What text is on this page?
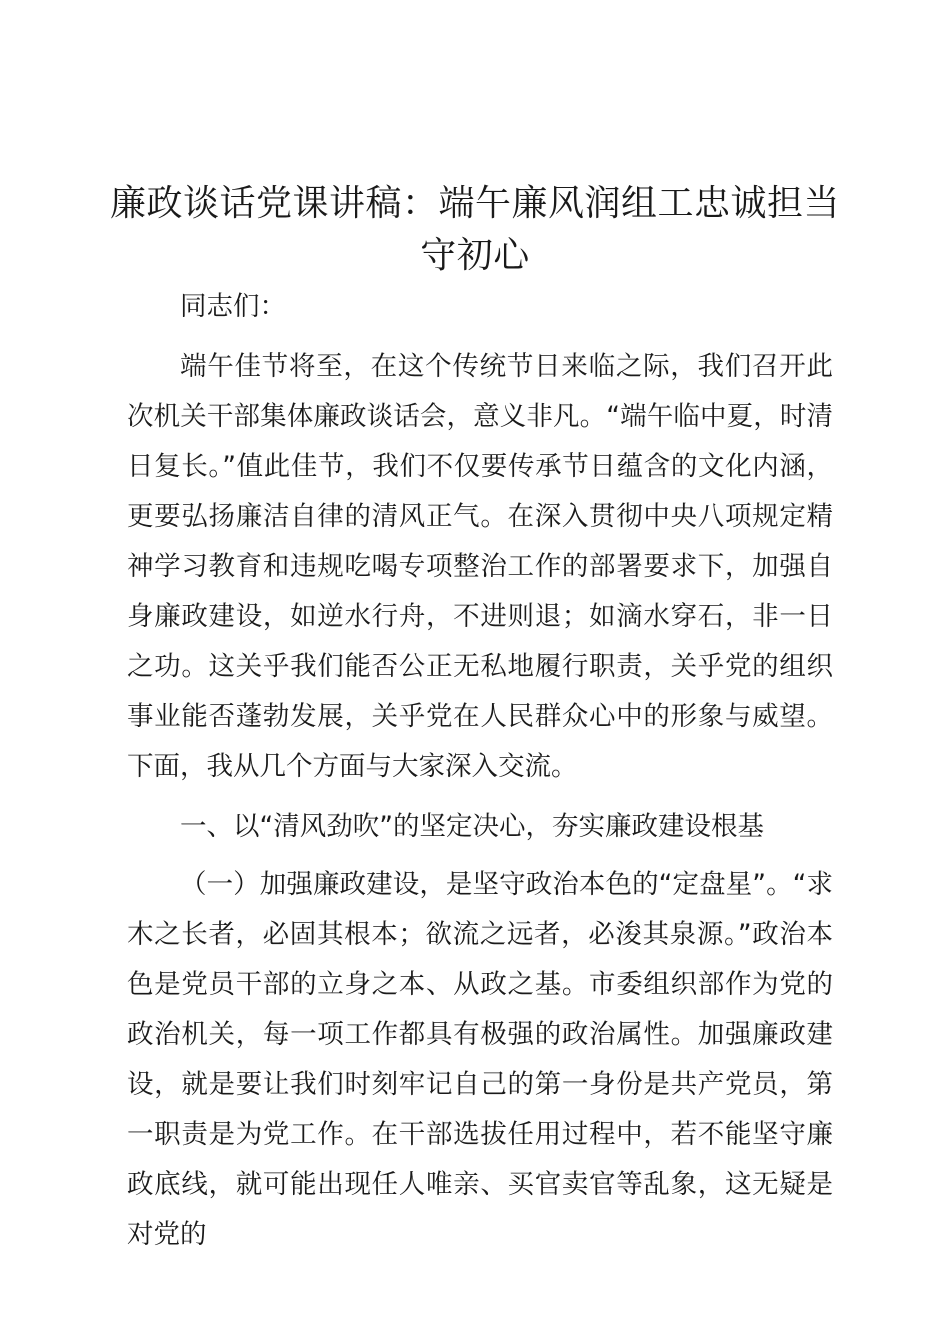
廉政谈话党课讲稿：端午廉风润组工忠诚担当守初心

同志们：

端午佳节将至，在这个传统节日来临之际，我们召开此次机关干部集体廉政谈话会，意义非凡。“端午临中夏，时清日复长。”值此佳节，我们不仅要传承节日蕴含的文化内涵，更要弘扬廉洁自律的清风正气。在深入贯彻中央八项规定精神学习教育和违规吃喝专项整治工作的部署要求下，加强自身廉政建设，如逆水行舟，不进则退；如滴水穿石，非一日之功。这关乎我们能否公正无私地履行职责，关乎党的组织事业能否蓬勃发展，关乎党在人民群众心中的形象与威望。下面，我从几个方面与大家深入交流。

一、以“清风劲吹”的坚定决心，夯实廉政建设根基

（一）加强廉政建设，是坚守政治本色的“定盘星”。“求木之长者，必固其根本；欲流之远者，必浚其泉源。”政治本色是党员干部的立身之本、从政之基。市委组织部作为党的政治机关，每一项工作都具有极强的政治属性。加强廉政建设，就是要让我们时刻牢记自己的第一身份是共产党员，第一职责是为党工作。在干部选拔任用过程中，若不能坚守廉政底线，就可能出现任人唯亲、买官卖官等乱象，这无疑是对党的
